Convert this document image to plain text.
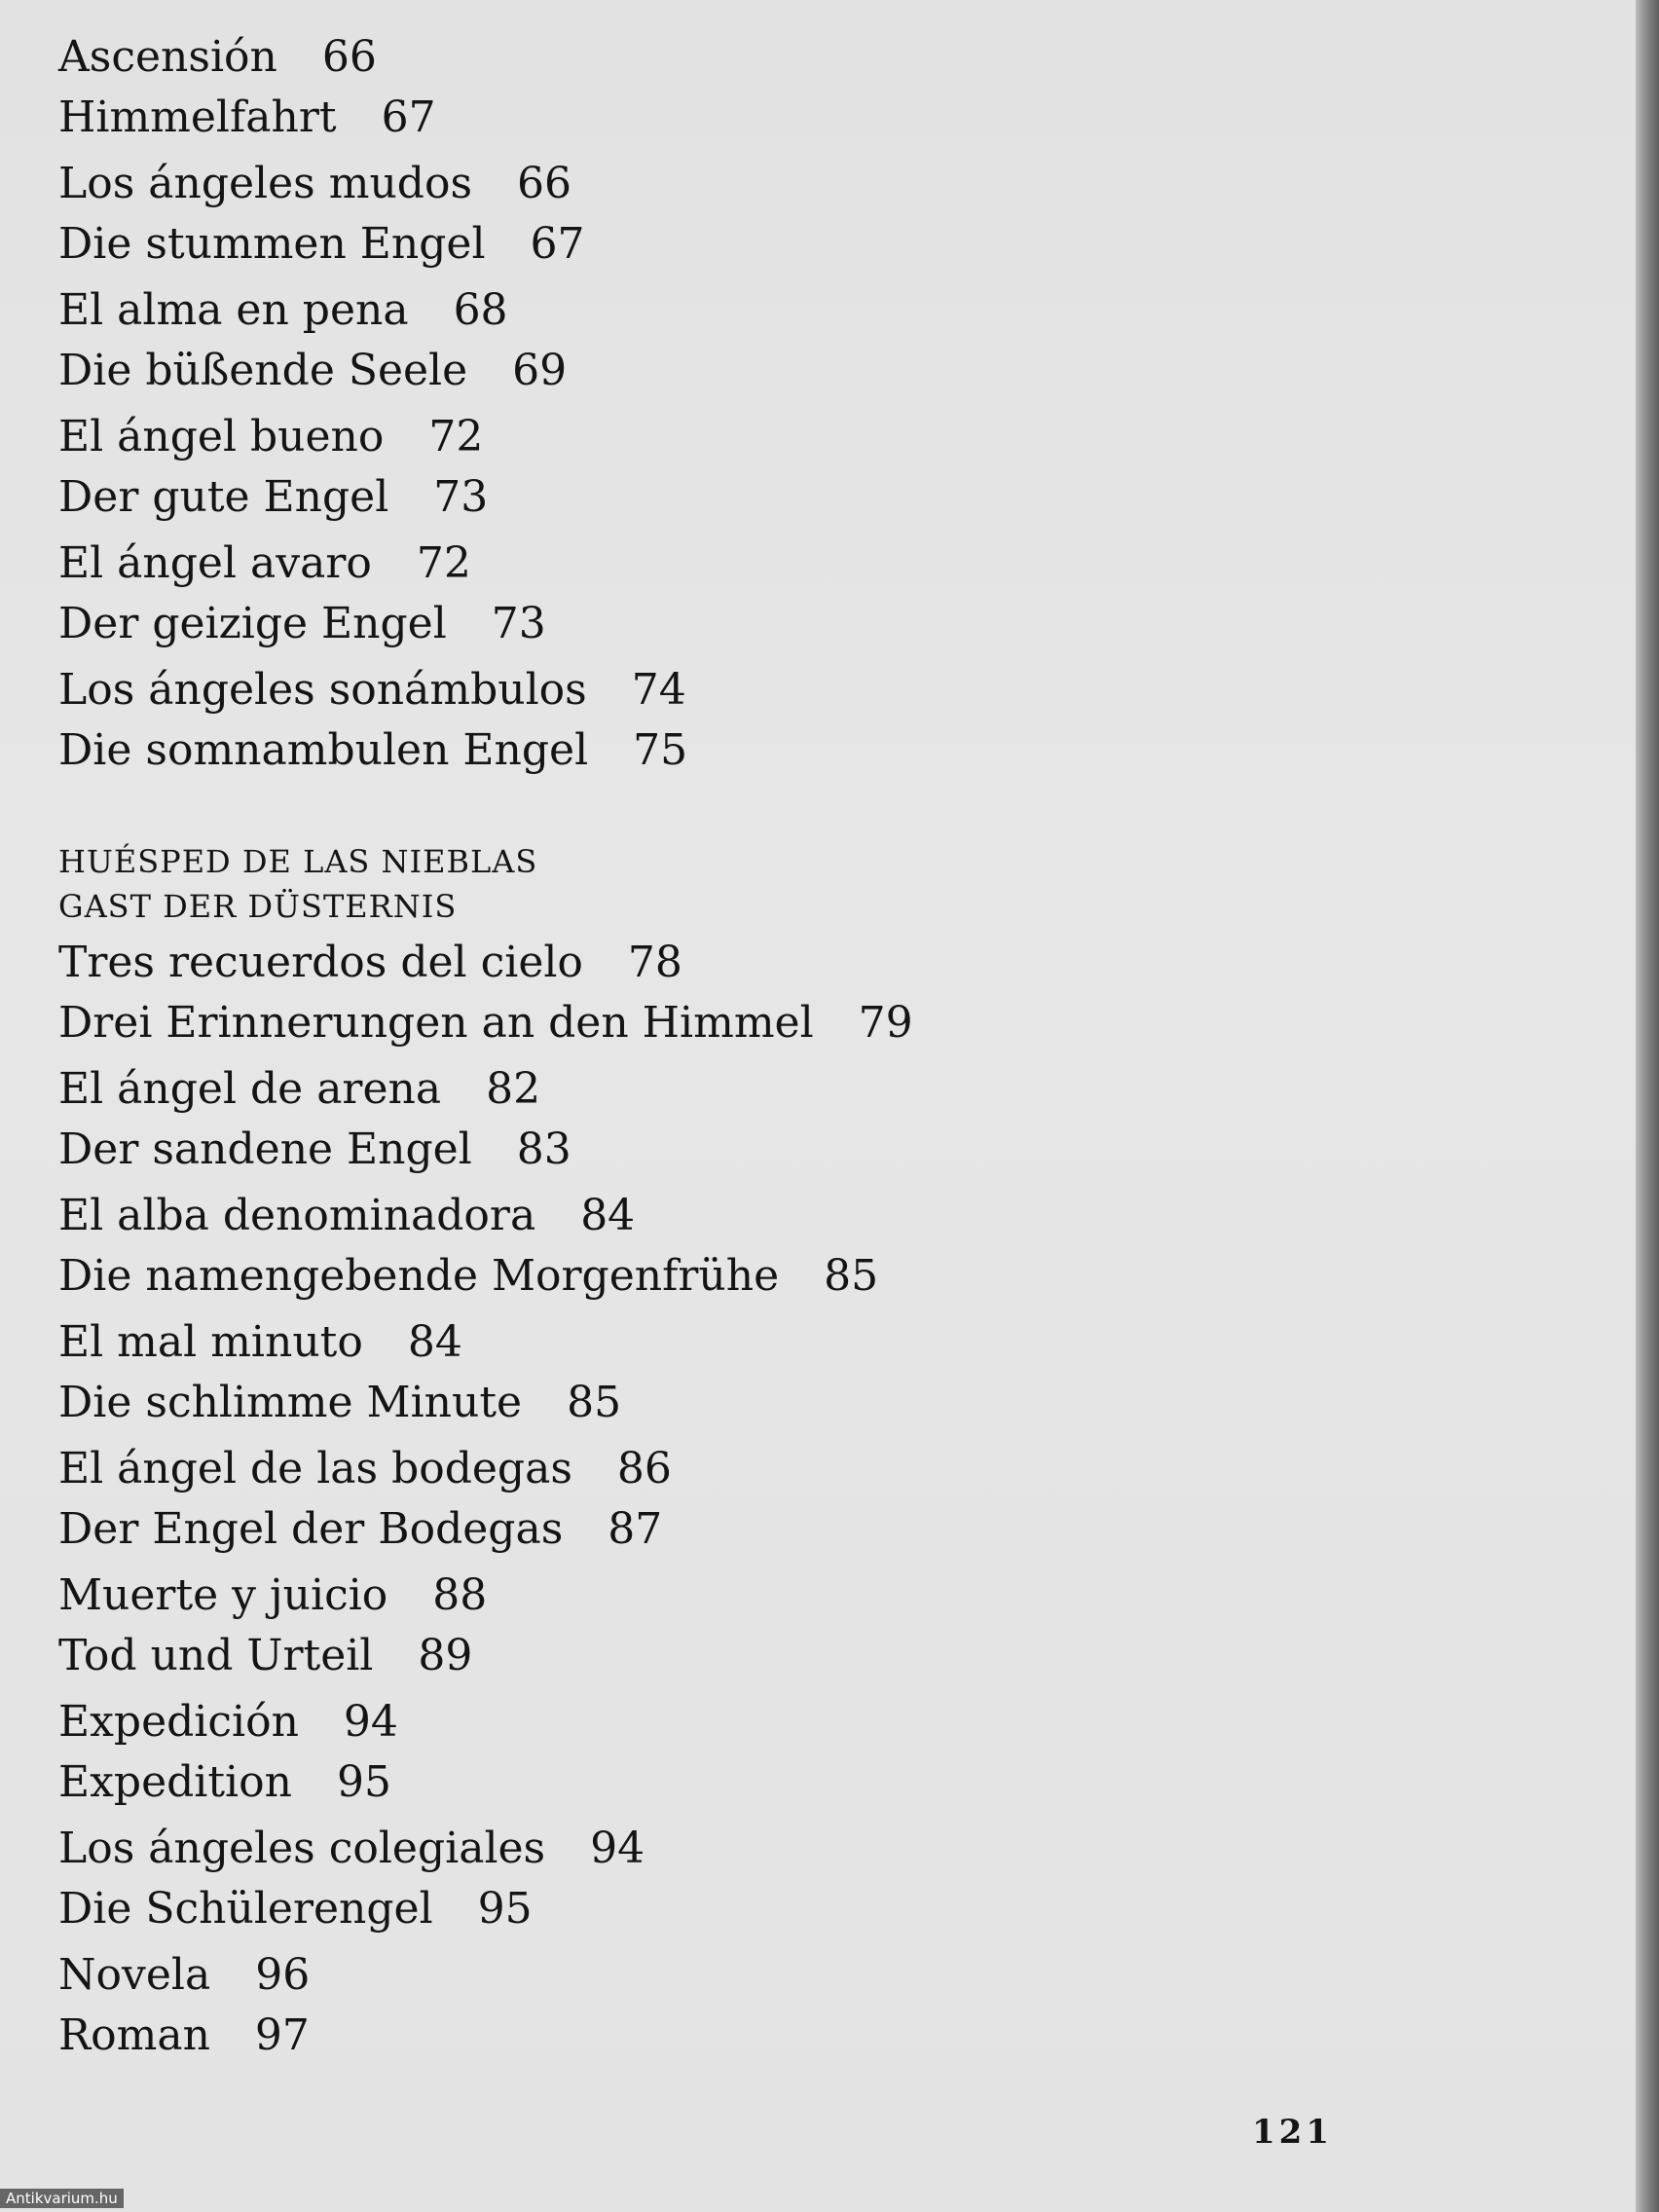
Ascensión 66
Himmelfahrt 67
Los ángeles mudos 66
Die stummen Engel 67
El alma en pena 68
Die büßende Seele 69
El ángel bueno 72
Der gute Engel 73
El ángel avaro 72
Der geizige Engel 73
Los ángeles sonámbulos 74
Die somnambulen Engel 75
HUÉSPED DE LAS NIEBLAS
GAST DER DÜSTERNIS
Tres recuerdos del cielo 78
Drei Erinnerungen an den Himmel 79
El ángel de arena 82
Der sandene Engel 83
El alba denominadora 84
Die namengebende Morgenfrühe 85
El mal minuto 84
Die schlimme Minute 85
El ángel de las bodegas 86
Der Engel der Bodegas 87
Muerte y juicio 88
Tod und Urteil 89
Expedición 94
Expedition 95
Los ángeles colegiales 94
Die Schülerengel 95
Novela 96
Roman 97
121
Antikvarium.hu
